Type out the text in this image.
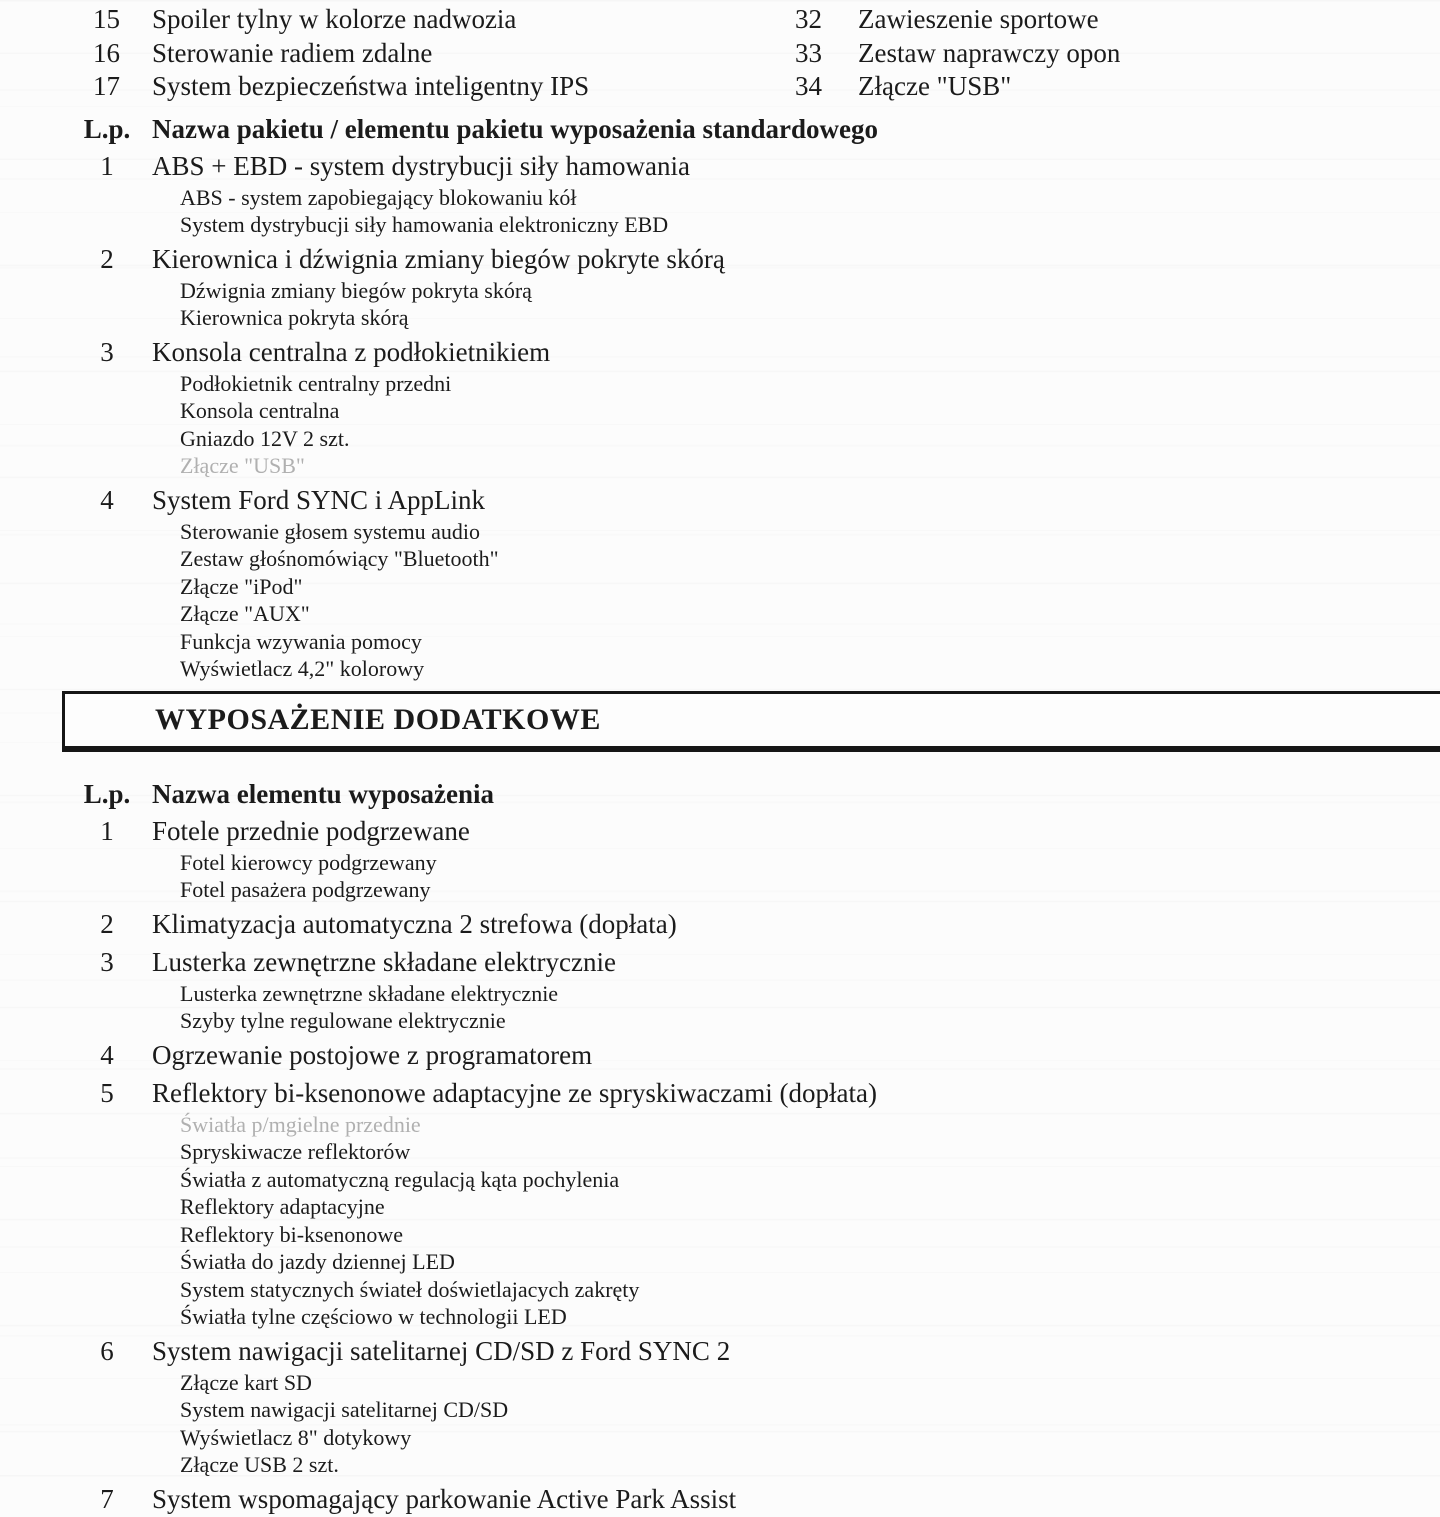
15 Spoiler tylny w kolorze nadwozia
16 Sterowanie radiem zdalne
17 System bezpieczeństwa inteligentny IPS
32	Zawieszenie sportowe
33	Zestaw naprawczy opon
34	Złącze "USB"
L.p. Nazwa pakietu / elementu pakietu wyposażenia standardowego
1	ABS + EBD - system dystrybucji siły hamowania
ABS - system zapobiegający blokowaniu kół
System dystrybucji siły hamowania elektroniczny EBD
2	Kierownica i dźwignia zmiany biegów pokryte skórą
Dźwignia zmiany biegów pokryta skórą
Kierownica pokryta skórą
3	Konsola centralna z podłokietnikiem
Podłokietnik centralny przedni
Konsola centralna
Gniazdo 12V 2 szt.
Złącze "USB"
4	System Ford SYNC i AppLink
Sterowanie głosem systemu audio
Zestaw głośnomówiący "Bluetooth"
Złącze "iPod"
Złącze "AUX"
Funkcja wzywania pomocy
Wyświetlacz 4,2" kolorowy
WYPOSAŻENIE DODATKOWE
L.p. Nazwa elementu wyposażenia
1	Fotele przednie podgrzewane
Fotel kierowcy podgrzewany
Fotel pasażera podgrzewany
2	Klimatyzacja automatyczna 2 strefowa (dopłata)
3	Lusterka zewnętrzne składane elektrycznie
Lusterka zewnętrzne składane elektrycznie
Szyby tylne regulowane elektrycznie
4	Ogrzewanie postojowe z programatorem
5	Reflektory bi-ksenonowe adaptacyjne ze spryskiwaczami (dopłata)
Światła p/mgielne przednie
Spryskiwacze reflektorów
Światła z automatyczną regulacją kąta pochylenia
Reflektory adaptacyjne
Reflektory bi-ksenonowe
Światła do jazdy dziennej LED
System statycznych świateł doświetlajacych zakręty
Światła tylne częściowo w technologii LED
6	System nawigacji satelitarnej CD/SD z Ford SYNC 2
Złącze kart SD
System nawigacji satelitarnej CD/SD
Wyświetlacz 8" dotykowy
Złącze USB 2 szt.
7	System wspomagający parkowanie Active Park Assist
